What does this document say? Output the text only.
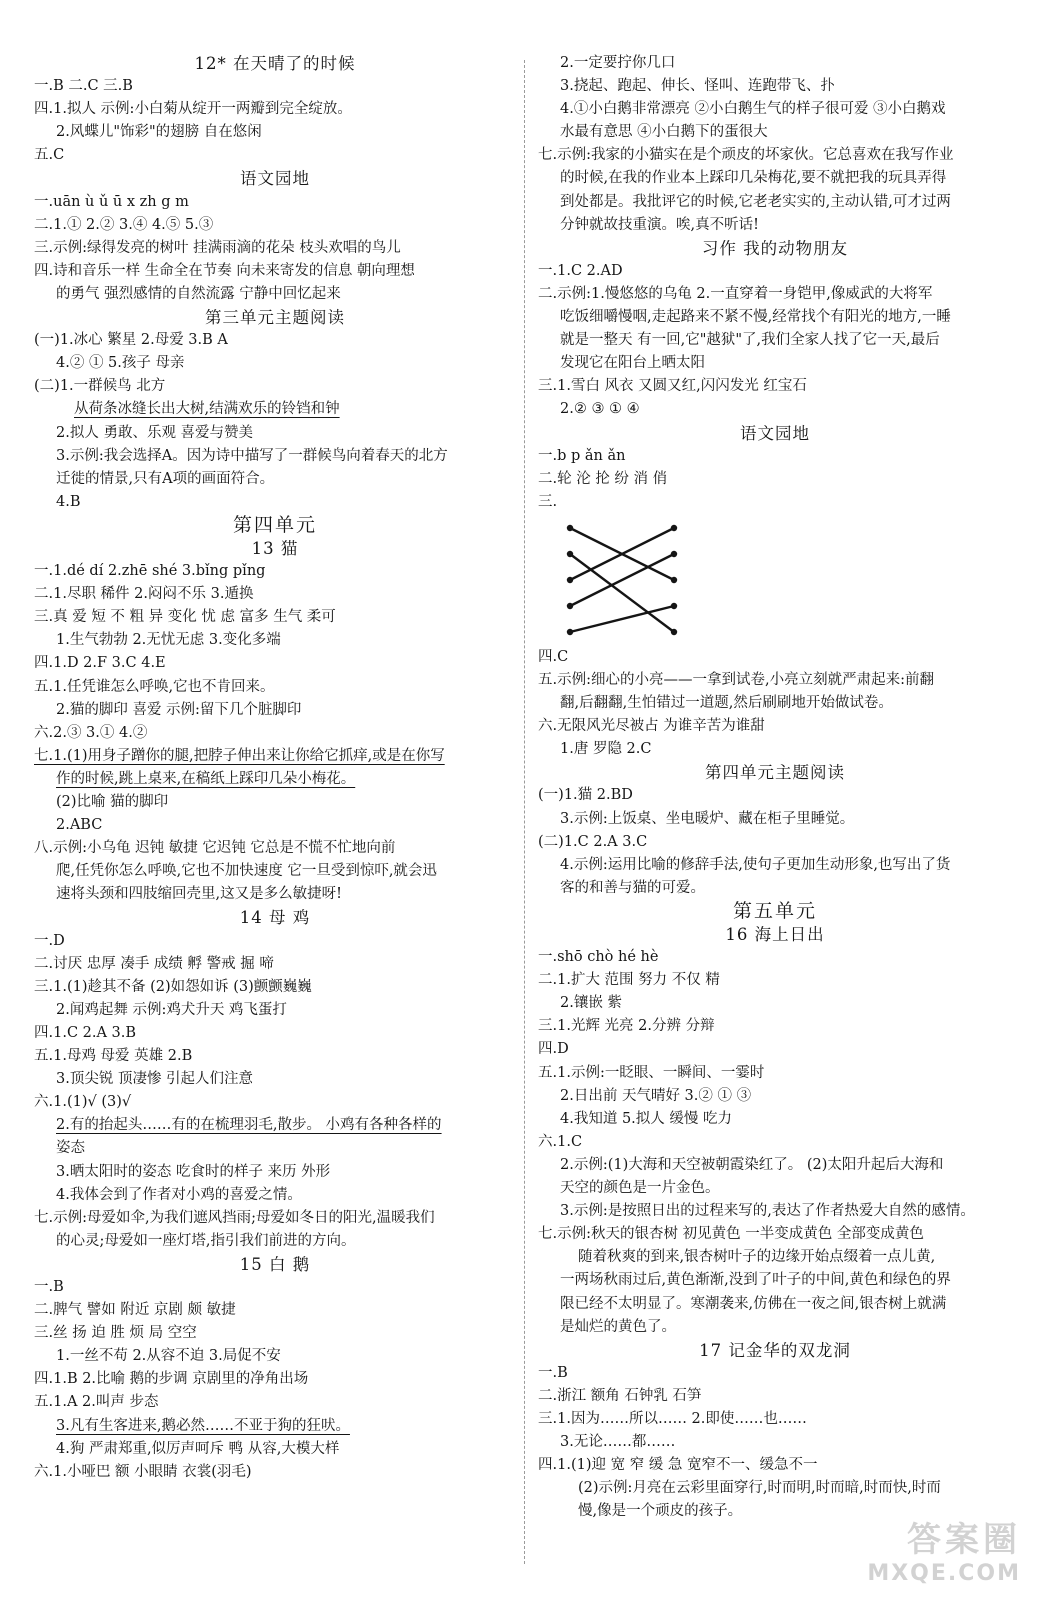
12* 在天晴了的时候
一.B 二.C 三.B
四.1.拟人 示例:小白菊从绽开一两瓣到完全绽放。
2.风蝶儿"饰彩"的翅膀 自在悠闲
五.C
语文园地
一.uān ù ǔ ū x zh g m
二.1.① 2.② 3.④ 4.⑤ 5.③
三.示例:绿得发亮的树叶 挂满雨滴的花朵 枝头欢唱的鸟儿
四.诗和音乐一样 生命全在节奏 向未来寄发的信息 朝向理想
的勇气 强烈感情的自然流露 宁静中回忆起来
第三单元主题阅读
(一)1.冰心 繁星 2.母爱 3.B A
4.② ① 5.孩子 母亲
(二)1.一群候鸟 北方
从荷条冰缝长出大树,结满欢乐的铃铛和钟
2.拟人 勇敢、乐观 喜爱与赞美
3.示例:我会选择A。因为诗中描写了一群候鸟向着春天的北方
迁徙的情景,只有A项的画面符合。
4.B
第四单元
13 猫
一.1.dé dí 2.zhē shé 3.bǐng pǐng
二.1.尽职 稀件 2.闷闷不乐 3.遁换
三.真 爱 短 不 粗 异 变化 忧 虑 富多 生气 柔可
1.生气勃勃 2.无忧无虑 3.变化多端
四.1.D 2.F 3.C 4.E
五.1.任凭谁怎么呼唤,它也不肯回来。
2.猫的脚印 喜爱 示例:留下几个脏脚印
六.2.③ 3.① 4.②
七.1.(1)用身子蹭你的腿,把脖子伸出来让你给它抓痒,或是在你写
作的时候,跳上桌来,在稿纸上踩印几朵小梅花。
(2)比喻 猫的脚印
2.ABC
八.示例:小乌龟 迟钝 敏捷 它迟钝 它总是不慌不忙地向前
爬,任凭你怎么呼唤,它也不加快速度 它一旦受到惊吓,就会迅
速将头颈和四肢缩回壳里,这又是多么敏捷呀!
14 母 鸡
一.D
二.讨厌 忠厚 凑手 成绩 孵 警戒 掘 啼
三.1.(1)趁其不备 (2)如怨如诉 (3)颤颤巍巍
2.闻鸡起舞 示例:鸡犬升天 鸡飞蛋打
四.1.C 2.A 3.B
五.1.母鸡 母爱 英雄 2.B
3.顶尖锐 顶凄惨 引起人们注意
六.1.(1)√ (3)√
2.有的抬起头……有的在梳理羽毛,散步。 小鸡有各种各样的
姿态
3.晒太阳时的姿态 吃食时的样子 来历 外形
4.我体会到了作者对小鸡的喜爱之情。
七.示例:母爱如伞,为我们遮风挡雨;母爱如冬日的阳光,温暖我们
的心灵;母爱如一座灯塔,指引我们前进的方向。
15 白 鹅
一.B
二.脾气 譬如 附近 京剧 颇 敏捷
三.丝 扬 迫 胜 烦 局 空空
1.一丝不苟 2.从容不迫 3.局促不安
四.1.B 2.比喻 鹅的步调 京剧里的净角出场
五.1.A 2.叫声 步态
3.凡有生客进来,鹅必然……不亚于狗的狂吠。
4.狗 严肃郑重,似厉声呵斥 鸭 从容,大模大样
六.1.小哑巴 额 小眼睛 衣裳(羽毛)
2.一定要拧你几口
3.挠起、跑起、伸长、怪叫、连跑带飞、扑
4.①小白鹅非常漂亮 ②小白鹅生气的样子很可爱 ③小白鹅戏
水最有意思 ④小白鹅下的蛋很大
七.示例:我家的小猫实在是个顽皮的坏家伙。它总喜欢在我写作业
的时候,在我的作业本上踩印几朵梅花,要不就把我的玩具弄得
到处都是。我批评它的时候,它老老实实的,主动认错,可才过两
分钟就故技重演。唉,真不听话!
习作 我的动物朋友
一.1.C 2.AD
二.示例:1.慢悠悠的乌龟 2.一直穿着一身铠甲,像威武的大将军
吃饭细嚼慢咽,走起路来不紧不慢,经常找个有阳光的地方,一睡
就是一整天 有一回,它"越狱"了,我们全家人找了它一天,最后
发现它在阳台上晒太阳
三.1.雪白 风衣 又圆又红,闪闪发光 红宝石
2.② ③ ① ④
语文园地
一.b p ǎn ǎn
二.轮 沦 抡 纷 消 俏
三.
四.C
五.示例:细心的小亮——一拿到试卷,小亮立刻就严肃起来:前翻
翻,后翻翻,生怕错过一道题,然后刷刷地开始做试卷。
六.无限风光尽被占 为谁辛苦为谁甜
1.唐 罗隐 2.C
第四单元主题阅读
(一)1.猫 2.BD
3.示例:上饭桌、坐电暖炉、藏在柜子里睡觉。
(二)1.C 2.A 3.C
4.示例:运用比喻的修辞手法,使句子更加生动形象,也写出了货
客的和善与猫的可爱。
第五单元
16 海上日出
一.shō chò hé hè
二.1.扩大 范围 努力 不仅 精
2.镶嵌 紫
三.1.光辉 光亮 2.分辨 分辩
四.D
五.1.示例:一眨眼、一瞬间、一霎时
2.日出前 天气晴好 3.② ① ③
4.我知道 5.拟人 缓慢 吃力
六.1.C
2.示例:(1)大海和天空被朝霞染红了。 (2)太阳升起后大海和
天空的颜色是一片金色。
3.示例:是按照日出的过程来写的,表达了作者热爱大自然的感情。
七.示例:秋天的银杏树 初见黄色 一半变成黄色 全部变成黄色
随着秋爽的到来,银杏树叶子的边缘开始点缀着一点儿黄,
一两场秋雨过后,黄色渐渐,没到了叶子的中间,黄色和绿色的界
限已经不太明显了。寒潮袭来,仿佛在一夜之间,银杏树上就满
是灿烂的黄色了。
17 记金华的双龙洞
一.B
二.浙江 额角 石钟乳 石笋
三.1.因为……所以…… 2.即使……也……
3.无论……都……
四.1.(1)迎 宽 窄 缓 急 宽窄不一、缓急不一
(2)示例:月亮在云彩里面穿行,时而明,时而暗,时而快,时而
慢,像是一个顽皮的孩子。
答案圈
MXQE.COM
